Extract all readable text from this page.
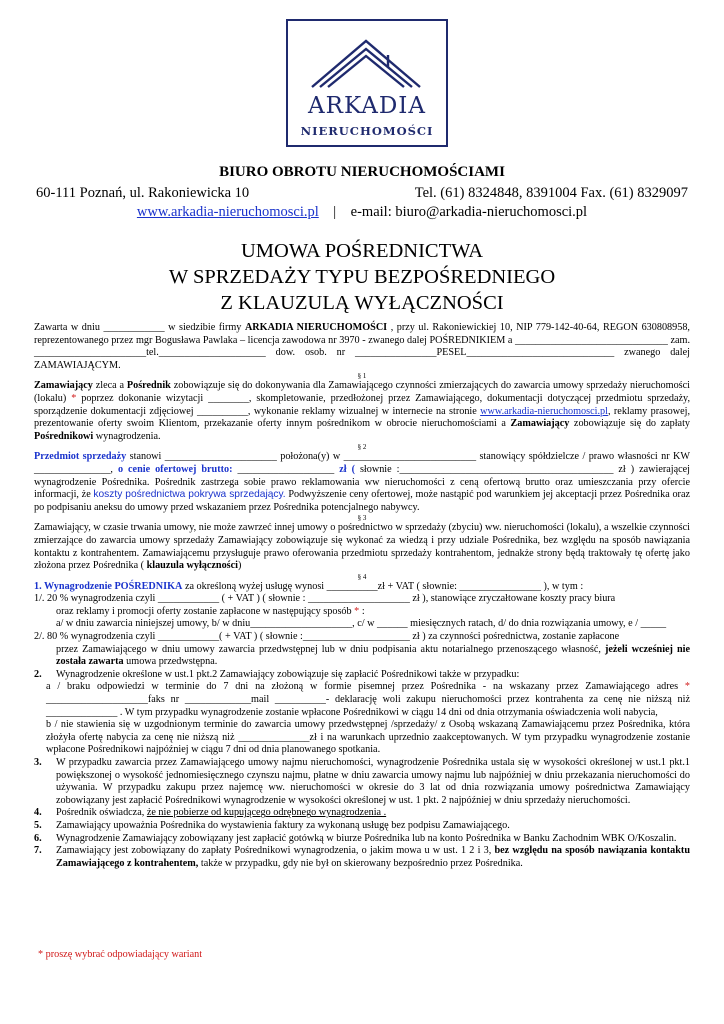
ARKADIA
NIERUCHOMOŚCI
BIURO OBROTU NIERUCHOMOŚCIAMI
60-111 Poznań, ul. Rakoniewicka 10	Tel. (61) 8324848, 8391004 Fax. (61) 8329097
www.arkadia-nieruchomosci.pl | e-mail: biuro@arkadia-nieruchomosci.pl
UMOWA POŚREDNICTWA
W SPRZEDAŻY TYPU BEZPOŚREDNIEGO
Z KLAUZULĄ WYŁĄCZNOŚCI

Zawarta w dniu ____________ w siedzibie firmy ARKADIA NIERUCHOMOŚCI , przy ul. Rakoniewickiej 10, NIP 779-142-40-64, REGON 630808958, reprezentowanego przez mgr Bogusława Pawlaka – licencja zawodowa nr 3970 - zwanego dalej POŚREDNIKIEM a ______________________________ zam. ______________________tel._____________________ dow. osob. nr ________________PESEL_____________________________ zwanego dalej ZAMAWIAJĄCYM.

§ 1

Zamawiający zleca a Pośrednik zobowiązuje się do dokonywania dla Zamawiającego czynności zmierzających do zawarcia umowy sprzedaży nieruchomości (lokalu) * poprzez dokonanie wizytacji ________, skompletowanie, przedłożonej przez Zamawiającego, dokumentacji dotyczącej przedmiotu sprzedaży, sporządzenie dokumentacji zdjęciowej __________, wykonanie reklamy wizualnej w internecie na stronie www.arkadia-nieruchomosci.pl, reklamy prasowej, prezentowanie oferty swoim Klientom, przekazanie oferty innym pośrednikom w obrocie nieruchomościami a Zamawiający zobowiązuje się do zapłaty Pośrednikowi wynagrodzenia.

§ 2

Przedmiot sprzedaży stanowi ______________________ położona(y) w __________________________ stanowiący spółdzielcze / prawo własności nr KW _______________, o cenie ofertowej brutto: ___________________ zł ( słownie :__________________________________________ zł ) zawierającej wynagrodzenie Pośrednika. Pośrednik zastrzega sobie prawo reklamowania ww nieruchomości z ceną ofertową brutto oraz umieszczania przy ofercie informacji, że koszty pośrednictwa pokrywa sprzedający. Podwyższenie ceny ofertowej, może nastąpić pod warunkiem jej akceptacji przez Pośrednika oraz po podpisaniu aneksu do umowy przed wskazaniem przez Pośrednika potencjalnego nabywcy.

§ 3

Zamawiający, w czasie trwania umowy, nie może zawrzeć innej umowy o pośrednictwo w sprzedaży (zbyciu) ww. nieruchomości (lokalu), a wszelkie czynności zmierzające do zawarcia umowy sprzedaży Zamawiający zobowiązuje się wykonać za wiedzą i przy udziale Pośrednika, bez względu na sposób nawiązania kontaktu z kontrahentem. Zamawiającemu przysługuje prawo oferowania przedmiotu sprzedaży kontrahentom, jednakże strony będą traktowały tę ofertę jako złożona przez Pośrednika ( klauzula wyłączności)

§ 4

1. Wynagrodzenie POŚREDNIKA za określoną wyżej usługę wynosi __________zł + VAT ( słownie: ________________ ), w tym :

1/. 20 % wynagrodzenia czyli ____________ ( + VAT ) ( słownie : ____________________ zł ), stanowiące zryczałtowane koszty pracy biura

oraz reklamy i promocji oferty zostanie zapłacone w następujący sposób * :

a/ w dniu zawarcia niniejszej umowy, b/ w dniu____________________, c/ w ______ miesięcznych ratach, d/ do dnia rozwiązania umowy, e / _____

2/. 80 % wynagrodzenia czyli ____________( + VAT ) ( słownie :_____________________ zł ) za czynności pośrednictwa, zostanie zapłacone

przez Zamawiającego w dniu umowy zawarcia przedwstępnej lub w dniu podpisania aktu notarialnego przenoszącego własność, jeżeli wcześniej nie została zawarta umowa przedwstępna.

2.	Wynagrodzenie określone w ust.1 pkt.2 Zamawiający zobowiązuje się zapłacić Pośrednikowi także w przypadku:

a / braku odpowiedzi w terminie do 7 dni na złożoną w formie pisemnej przez Pośrednika - na wskazany przez Zamawiającego adres * ____________________faks nr _____________mail __________- deklarację woli zakupu nieruchomości przez kontrahenta za cenę nie niższą niż ______________ . W tym przypadku wynagrodzenie zostanie wpłacone Pośrednikowi w ciągu 14 dni od dnia otrzymania oświadczenia woli nabycia,

b / nie stawienia się w uzgodnionym terminie do zawarcia umowy przedwstępnej /sprzedaży/ z Osobą wskazaną Zamawiającemu przez Pośrednika, która złożyła ofertę nabycia za cenę nie niższą niż ______________zł i na warunkach uprzednio zaakceptowanych. W tym przypadku wynagrodzenie zostanie wpłacone Pośrednikowi najpóźniej w ciągu 7 dni od dnia planowanego spotkania.

3.	W przypadku zawarcia przez Zamawiającego umowy najmu nieruchomości, wynagrodzenie Pośrednika ustala się w wysokości określonej w ust.1 pkt.1 powiększonej o wysokość jednomiesięcznego czynszu najmu, płatne w dniu zawarcia umowy najmu lub najpóźniej w dniu przekazania nieruchomości do używania. W przypadku zakupu przez najemcę ww. nieruchomości w okresie do 3 lat od dnia rozwiązania umowy pośrednictwa Zamawiający zobowiązany jest zapłacić Pośrednikowi wynagrodzenie w wysokości określonej w ust. 1 pkt. 2 najpóźniej w dniu sprzedaży nieruchomości.
4.	Pośrednik oświadcza, że nie pobierze od kupującego odrębnego wynagrodzenia .
5.	Zamawiający upoważnia Pośrednika do wystawienia faktury za wykonaną usługę bez podpisu Zamawiającego.
6.	Wynagrodzenie Zamawiający zobowiązany jest zapłacić gotówką w biurze Pośrednika lub na konto Pośrednika w Banku Zachodnim WBK O/Koszalin.
7.	Zamawiający jest zobowiązany do zapłaty Pośrednikowi wynagrodzenia, o jakim mowa u w ust. 1 2 i 3, bez względu na sposób nawiązania kontaktu Zamawiającego z kontrahentem, także w przypadku, gdy nie był on skierowany bezpośrednio przez Pośrednika.
* proszę wybrać odpowiadający wariant
